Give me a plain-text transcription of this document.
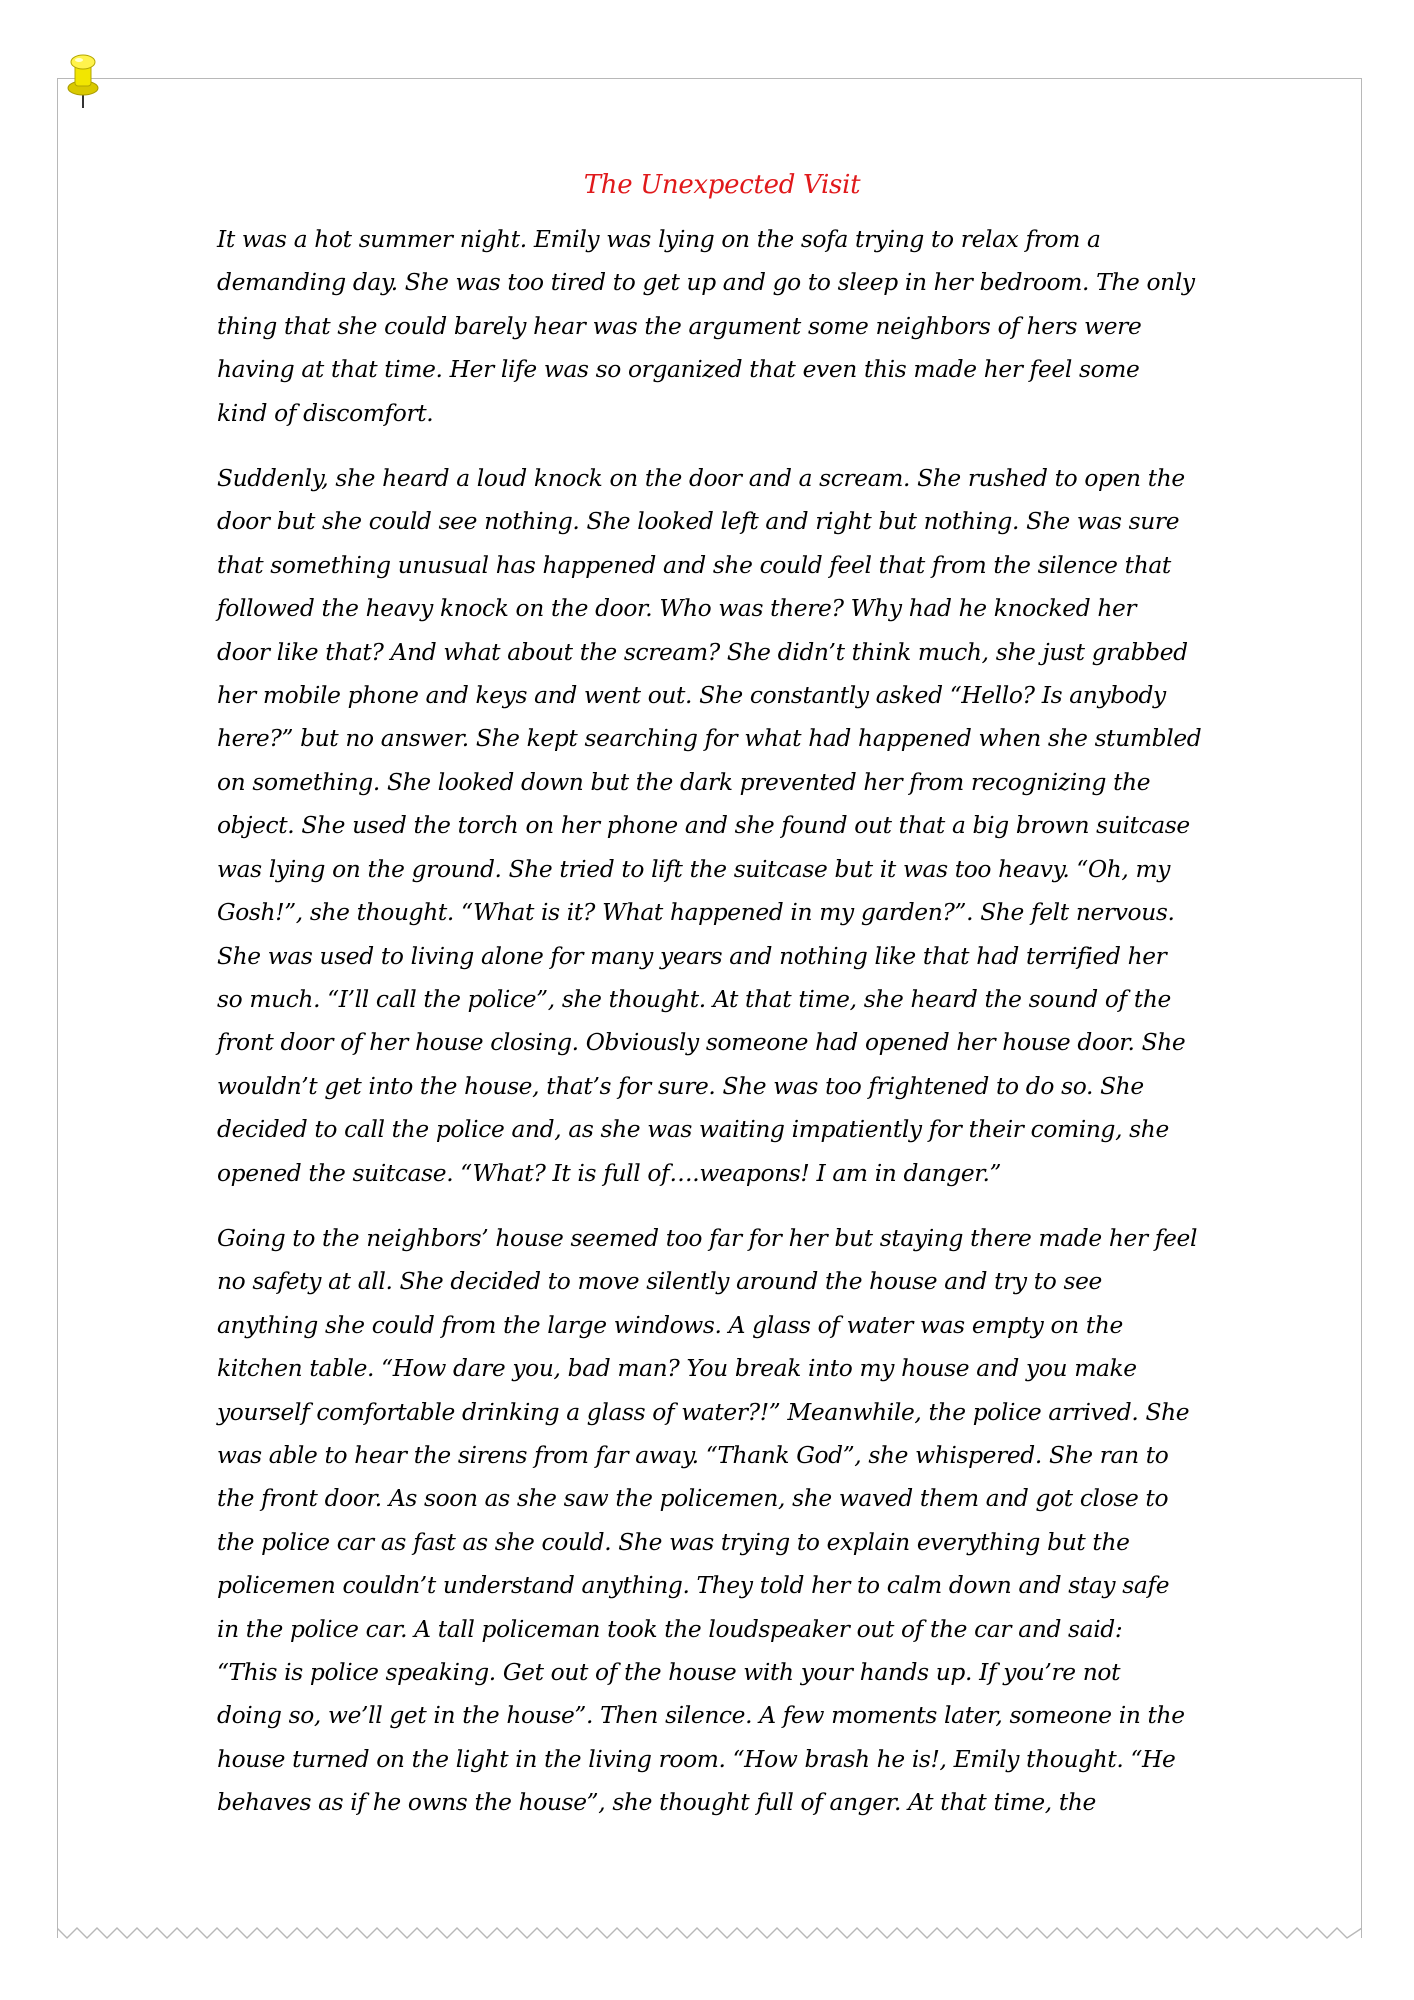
The Unexpected Visit

It was a hot summer night. Emily was lying on the sofa trying to relax from a
demanding day. She was too tired to get up and go to sleep in her bedroom. The only
thing that she could barely hear was the argument some neighbors of hers were
having at that time. Her life was so organized that even this made her feel some
kind of discomfort.

Suddenly, she heard a loud knock on the door and a scream. She rushed to open the
door but she could see nothing. She looked left and right but nothing. She was sure
that something unusual has happened and she could feel that from the silence that
followed the heavy knock on the door. Who was there? Why had he knocked her
door like that? And what about the scream? She didn’t think much, she just grabbed
her mobile phone and keys and went out. She constantly asked “Hello? Is anybody
here?” but no answer. She kept searching for what had happened when she stumbled
on something. She looked down but the dark prevented her from recognizing the
object. She used the torch on her phone and she found out that a big brown suitcase
was lying on the ground. She tried to lift the suitcase but it was too heavy. “Oh, my
Gosh!”, she thought. “What is it? What happened in my garden?”. She felt nervous.
She was used to living alone for many years and nothing like that had terrified her
so much. “I’ll call the police”, she thought. At that time, she heard the sound of the
front door of her house closing. Obviously someone had opened her house door. She
wouldn’t get into the house, that’s for sure. She was too frightened to do so. She
decided to call the police and, as she was waiting impatiently for their coming, she
opened the suitcase. “What? It is full of….weapons! I am in danger.”

Going to the neighbors’ house seemed too far for her but staying there made her feel
no safety at all. She decided to move silently around the house and try to see
anything she could from the large windows. A glass of water was empty on the
kitchen table. “How dare you, bad man? You break into my house and you make
yourself comfortable drinking a glass of water?!” Meanwhile, the police arrived. She
was able to hear the sirens from far away. “Thank God”, she whispered. She ran to
the front door. As soon as she saw the policemen, she waved them and got close to
the police car as fast as she could. She was trying to explain everything but the
policemen couldn’t understand anything. They told her to calm down and stay safe
in the police car. A tall policeman took the loudspeaker out of the car and said:
“This is police speaking. Get out of the house with your hands up. If you’re not
doing so, we’ll get in the house”. Then silence. A few moments later, someone in the
house turned on the light in the living room. “How brash he is!, Emily thought. “He
behaves as if he owns the house”, she thought full of anger. At that time, the
